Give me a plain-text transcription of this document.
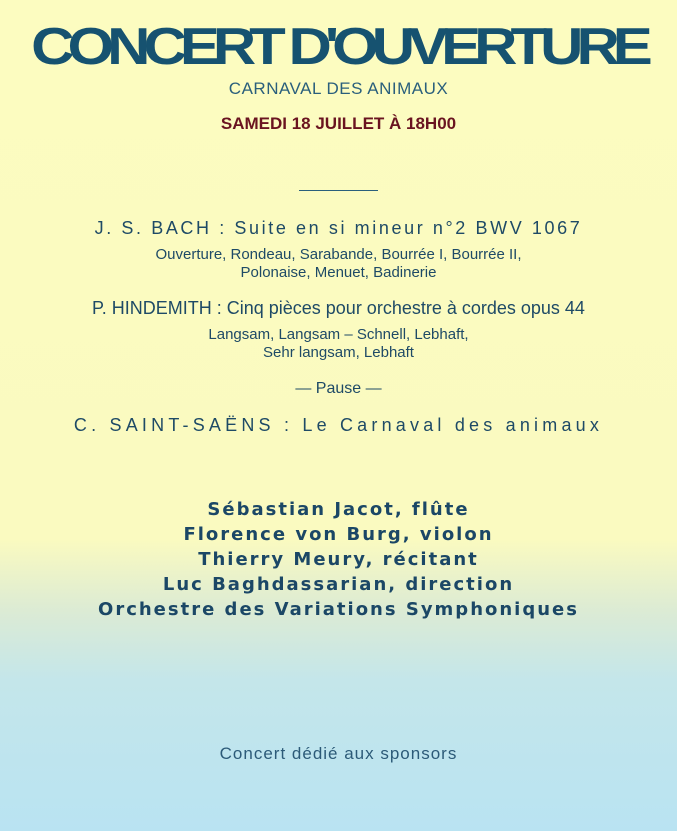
CONCERT D'OUVERTURE
CARNAVAL DES ANIMAUX
SAMEDI 18 JUILLET À 18H00
J. S. BACH : Suite en si mineur n°2 BWV 1067
Ouverture, Rondeau, Sarabande, Bourrée I, Bourrée II,
Polonaise, Menuet, Badinerie
P. HINDEMITH : Cinq pièces pour orchestre à cordes opus 44
Langsam, Langsam – Schnell, Lebhaft,
Sehr langsam, Lebhaft
— Pause —
C. SAINT-SAËNS : Le Carnaval des animaux
Sébastian Jacot, flûte
Florence von Burg, violon
Thierry Meury, récitant
Luc Baghdassarian, direction
Orchestre des Variations Symphoniques
Concert dédié aux sponsors
